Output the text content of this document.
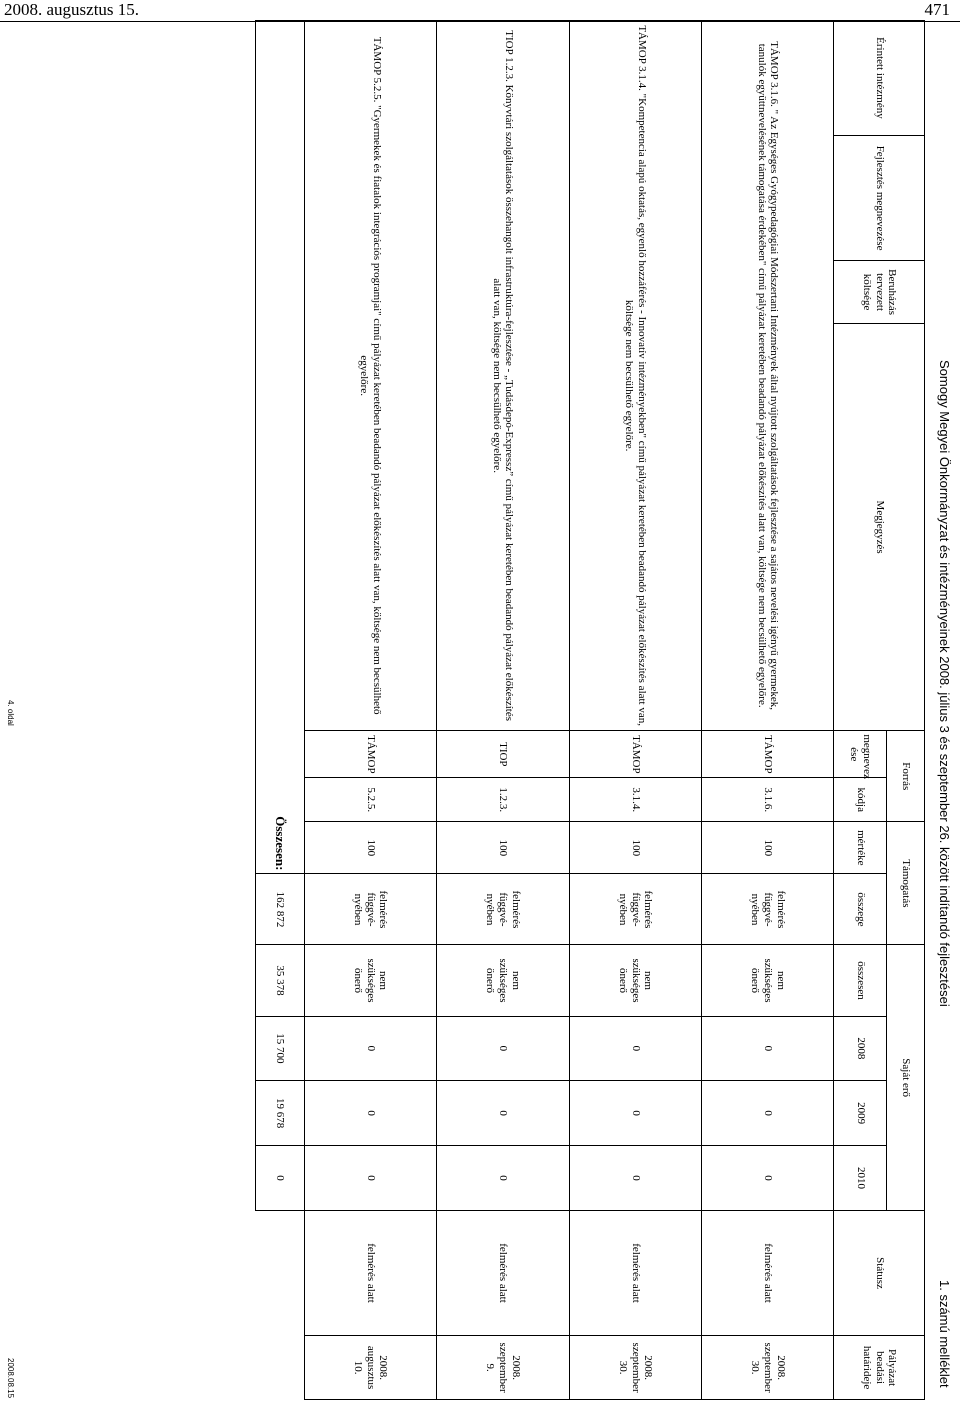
2008. augusztus 15.	471
Somogy Megyei Önkormányzat és intézményeinek 2008. július 3 és szeptember 26. között indítandó fejlesztései
1. számú melléklet
Érintett intézmény	Fejlesztés megnevezése	Beruházás tervezett költsége	Megjegyzés	Forrás		Támogatás		Saját erő				Státusz	Pályázat beadási határideje
				megnevez ése	kódja	mértéke	összege	összesen	2008	2009	2010		
TÁMOP 3.1.6. " Az Egységes Gyógypedagógiai Módszertani Intézmények által nyújtott szolgáltatások fejlesztése a sajátos nevelési igényű gyermekek, tanulók együttnevelésének támogatása érdekében" című pályázat keretében beadandó pályázat előkészítés alatt van, költsége nem becsülhető egyelőre.				TÁMOP	3.1.6.	100	felmérés függvé- nyében	nem szükséges önerő	0	0	0	felmérés alatt	2008. szeptember 30.
TÁMOP 3.1.4. "Kompetencia alapú oktatás, egyenlő hozzáférés - Innovatív intézményekben" című pályázat keretében beadandó pályázat előkészítés alatt van, költsége nem becsülhető egyelőre.				TÁMOP	3.1.4.	100	felmérés függvé- nyében	nem szükséges önerő	0	0	0	felmérés alatt	2008. szeptember 30.
TIOP 1.2.3. Könyvtári szolgáltatások összehangolt infrastruktúra-fejlesztése - „Tudásdepó-Expressz” című pályázat keretében beadandó pályázat előkészítés alatt van, költsége nem becsülhető egyelőre.				TIOP	1.2.3.	100	felmérés függvé- nyében	nem szükséges önerő	0	0	0	felmérés alatt	2008. szeptember 9.
TÁMOP 5.2.5. "Gyermekek és fiatalok integrációs programjai" című pályázat keretében beadandó pályázat előkészítés alatt van, költsége nem becsülhető egyelőre.				TÁMOP	5.2.5.	100	felmérés függvé- nyében	nem szükséges önerő	0	0	0	felmérés alatt	2008. augusztus 10.
Összesen:							162 872	35 378	15 700	19 678	0		
4. oldal
2008.08.15
